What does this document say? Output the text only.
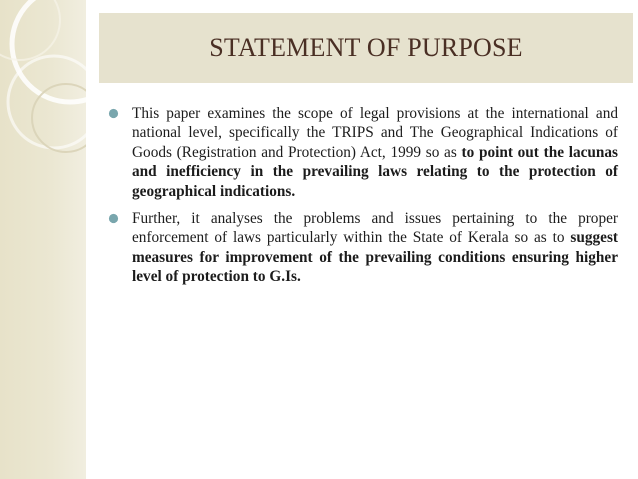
STATEMENT OF PURPOSE
This paper examines the scope of legal provisions at the international and national level, specifically the TRIPS and The Geographical Indications of Goods (Registration and Protection) Act, 1999 so as to point out the lacunas and inefficiency in the prevailing laws relating to the protection of geographical indications.
Further, it analyses the problems and issues pertaining to the proper enforcement of laws particularly within the State of Kerala so as to suggest measures for improvement of the prevailing conditions ensuring higher level of protection to G.Is.
